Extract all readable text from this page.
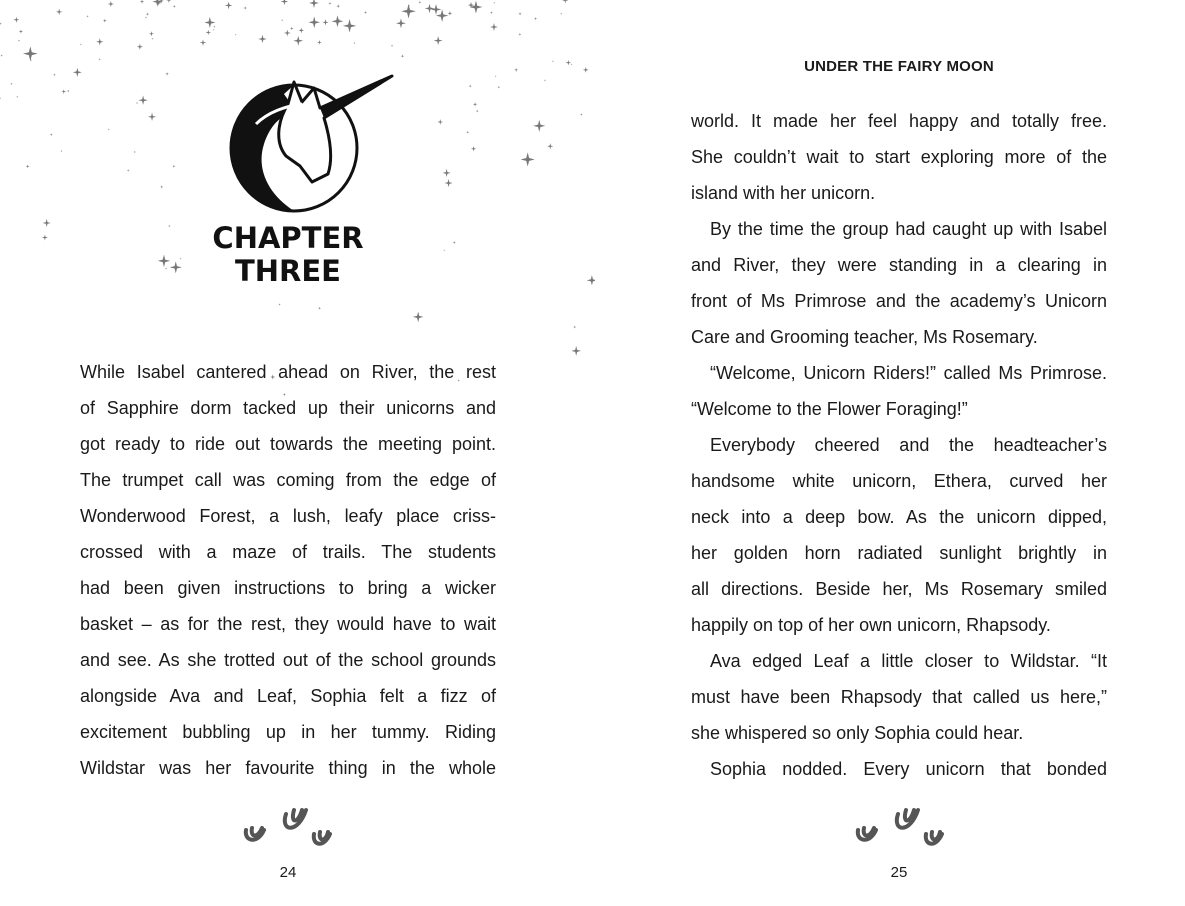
CHAPTER
THREE
While Isabel cantered ahead on River, the rest
of Sapphire dorm tacked up their unicorns and
got ready to ride out towards the meeting point.
The trumpet call was coming from the edge of
Wonderwood Forest, a lush, leafy place criss-
crossed with a maze of trails. The students
had been given instructions to bring a wicker
basket – as for the rest, they would have to wait
and see. As she trotted out of the school grounds
alongside Ava and Leaf, Sophia felt a fizz of
excitement bubbling up in her tummy. Riding
Wildstar was her favourite thing in the whole
24
UNDER THE FAIRY MOON
world. It made her feel happy and totally free.
She couldn’t wait to start exploring more of the
island with her unicorn.
By the time the group had caught up with Isabel
and River, they were standing in a clearing in
front of Ms Primrose and the academy’s Unicorn
Care and Grooming teacher, Ms Rosemary.
“Welcome, Unicorn Riders!” called Ms Primrose.
“Welcome to the Flower Foraging!”
Everybody cheered and the headteacher’s
handsome white unicorn, Ethera, curved her
neck into a deep bow. As the unicorn dipped,
her golden horn radiated sunlight brightly in
all directions. Beside her, Ms Rosemary smiled
happily on top of her own unicorn, Rhapsody.
Ava edged Leaf a little closer to Wildstar. “It
must have been Rhapsody that called us here,”
she whispered so only Sophia could hear.
Sophia nodded. Every unicorn that bonded
25
